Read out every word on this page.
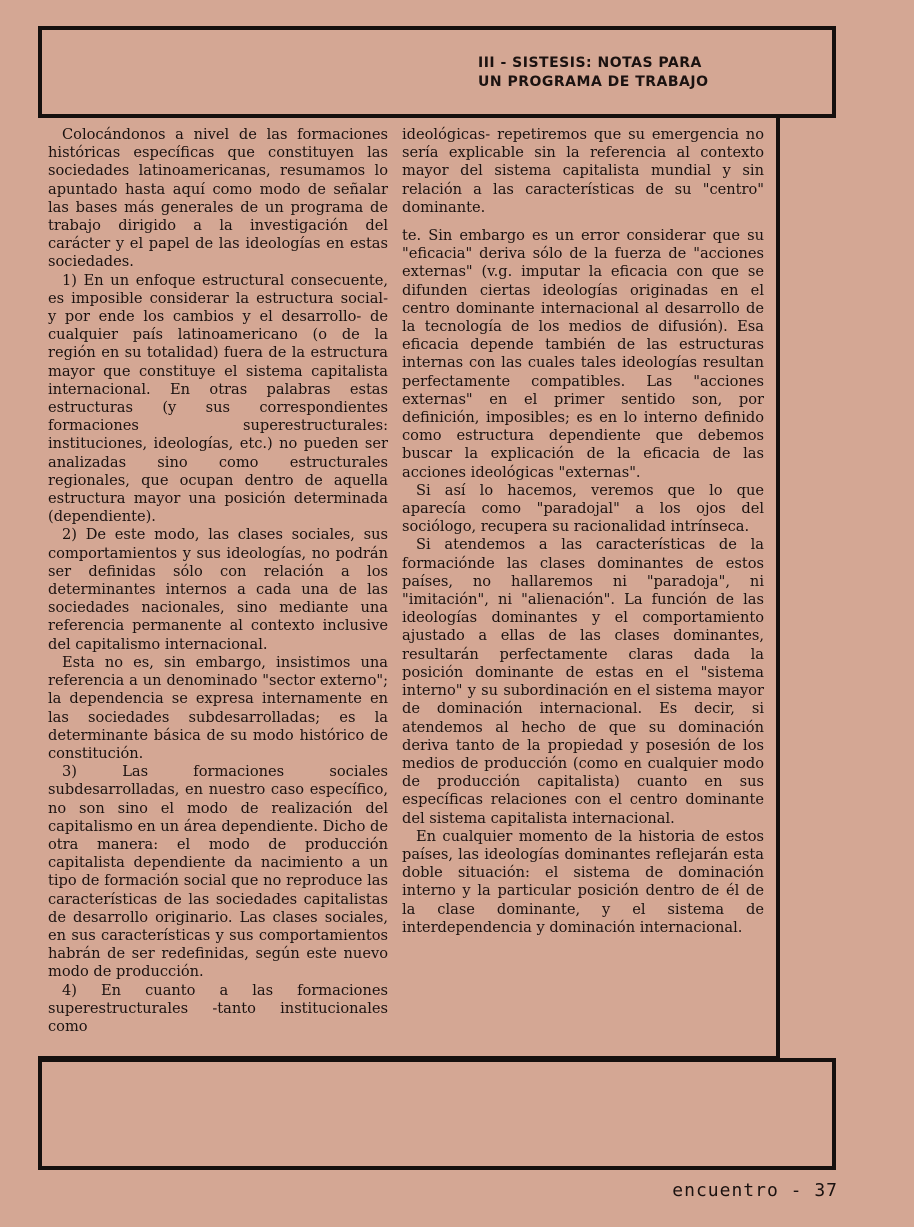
III - SISTESIS: NOTAS PARA
UN PROGRAMA DE TRABAJO

Colocándonos a nivel de las formaciones históricas específicas que constituyen las sociedades latinoamericanas, resumamos lo apuntado hasta aquí como modo de señalar las bases más generales de un programa de trabajo dirigido a la investigación del carácter y el papel de las ideologías en estas sociedades.

1) En un enfoque estructural consecuente, es imposible considerar la estructura social- y por ende los cambios y el desarrollo- de cualquier país latinoamericano (o de la región en su totalidad) fuera de la estructura mayor que constituye el sistema capitalista internacional. En otras palabras estas estructuras (y sus correspondientes formaciones superestructurales: instituciones, ideologías, etc.) no pueden ser analizadas sino como estructurales regionales, que ocupan dentro de aquella estructura mayor una posición determinada (dependiente).

2) De este modo, las clases sociales, sus comportamientos y sus ideologías, no podrán ser definidas sólo con relación a los determinantes internos a cada una de las sociedades nacionales, sino mediante una referencia permanente al contexto inclusive del capitalismo internacional.

Esta no es, sin embargo, insistimos una referencia a un denominado "sector externo"; la dependencia se expresa internamente en las sociedades subdesarrolladas; es la determinante básica de su modo histórico de constitución.

3) Las formaciones sociales subdesarrolladas, en nuestro caso específico, no son sino el modo de realización del capitalismo en un área dependiente. Dicho de otra manera: el modo de producción capitalista dependiente da nacimiento a un tipo de formación social que no reproduce las características de las sociedades capitalistas de desarrollo originario. Las clases sociales, en sus características y sus comportamientos habrán de ser redefinidas, según este nuevo modo de producción.

4) En cuanto a las formaciones superestructurales -tanto institucionales como

ideológicas- repetiremos que su emergencia no sería explicable sin la referencia al contexto mayor del sistema capitalista mundial y sin relación a las características de su "centro" dominante.

te. Sin embargo es un error considerar que su "eficacia" deriva sólo de la fuerza de "acciones externas" (v.g. imputar la eficacia con que se difunden ciertas ideologías originadas en el centro dominante internacional al desarrollo de la tecnología de los medios de difusión). Esa eficacia depende también de las estructuras internas con las cuales tales ideologías resultan perfectamente compatibles. Las "acciones externas" en el primer sentido son, por definición, imposibles; es en lo interno definido como estructura dependiente que debemos buscar la explicación de la eficacia de las acciones ideológicas "externas".

Si así lo hacemos, veremos que lo que aparecía como "paradojal" a los ojos del sociólogo, recupera su racionalidad intrínseca.

Si atendemos a las características de la formacióndе las clases dominantes de estos países, no hallaremos ni "paradoja", ni "imitación", ni "alienación". La función de las ideologías dominantes y el comportamiento ajustado a ellas de las clases dominantes, resultarán perfectamente claras dada la posición dominante de estas en el "sistema interno" y su subordinación en el sistema mayor de dominación internacional. Es decir, si atendemos al hecho de que su dominación deriva tanto de la propiedad y posesión de los medios de producción (como en cualquier modo de producción capitalista) cuanto en sus específicas relaciones con el centro dominante del sistema capitalista internacional.

En cualquier momento de la historia de estos países, las ideologías dominantes reflejarán esta doble situación: el sistema de dominación interno y la particular posición dentro de él de la clase dominante, y el sistema de interdependencia y dominación internacional.

encuentro - 37
